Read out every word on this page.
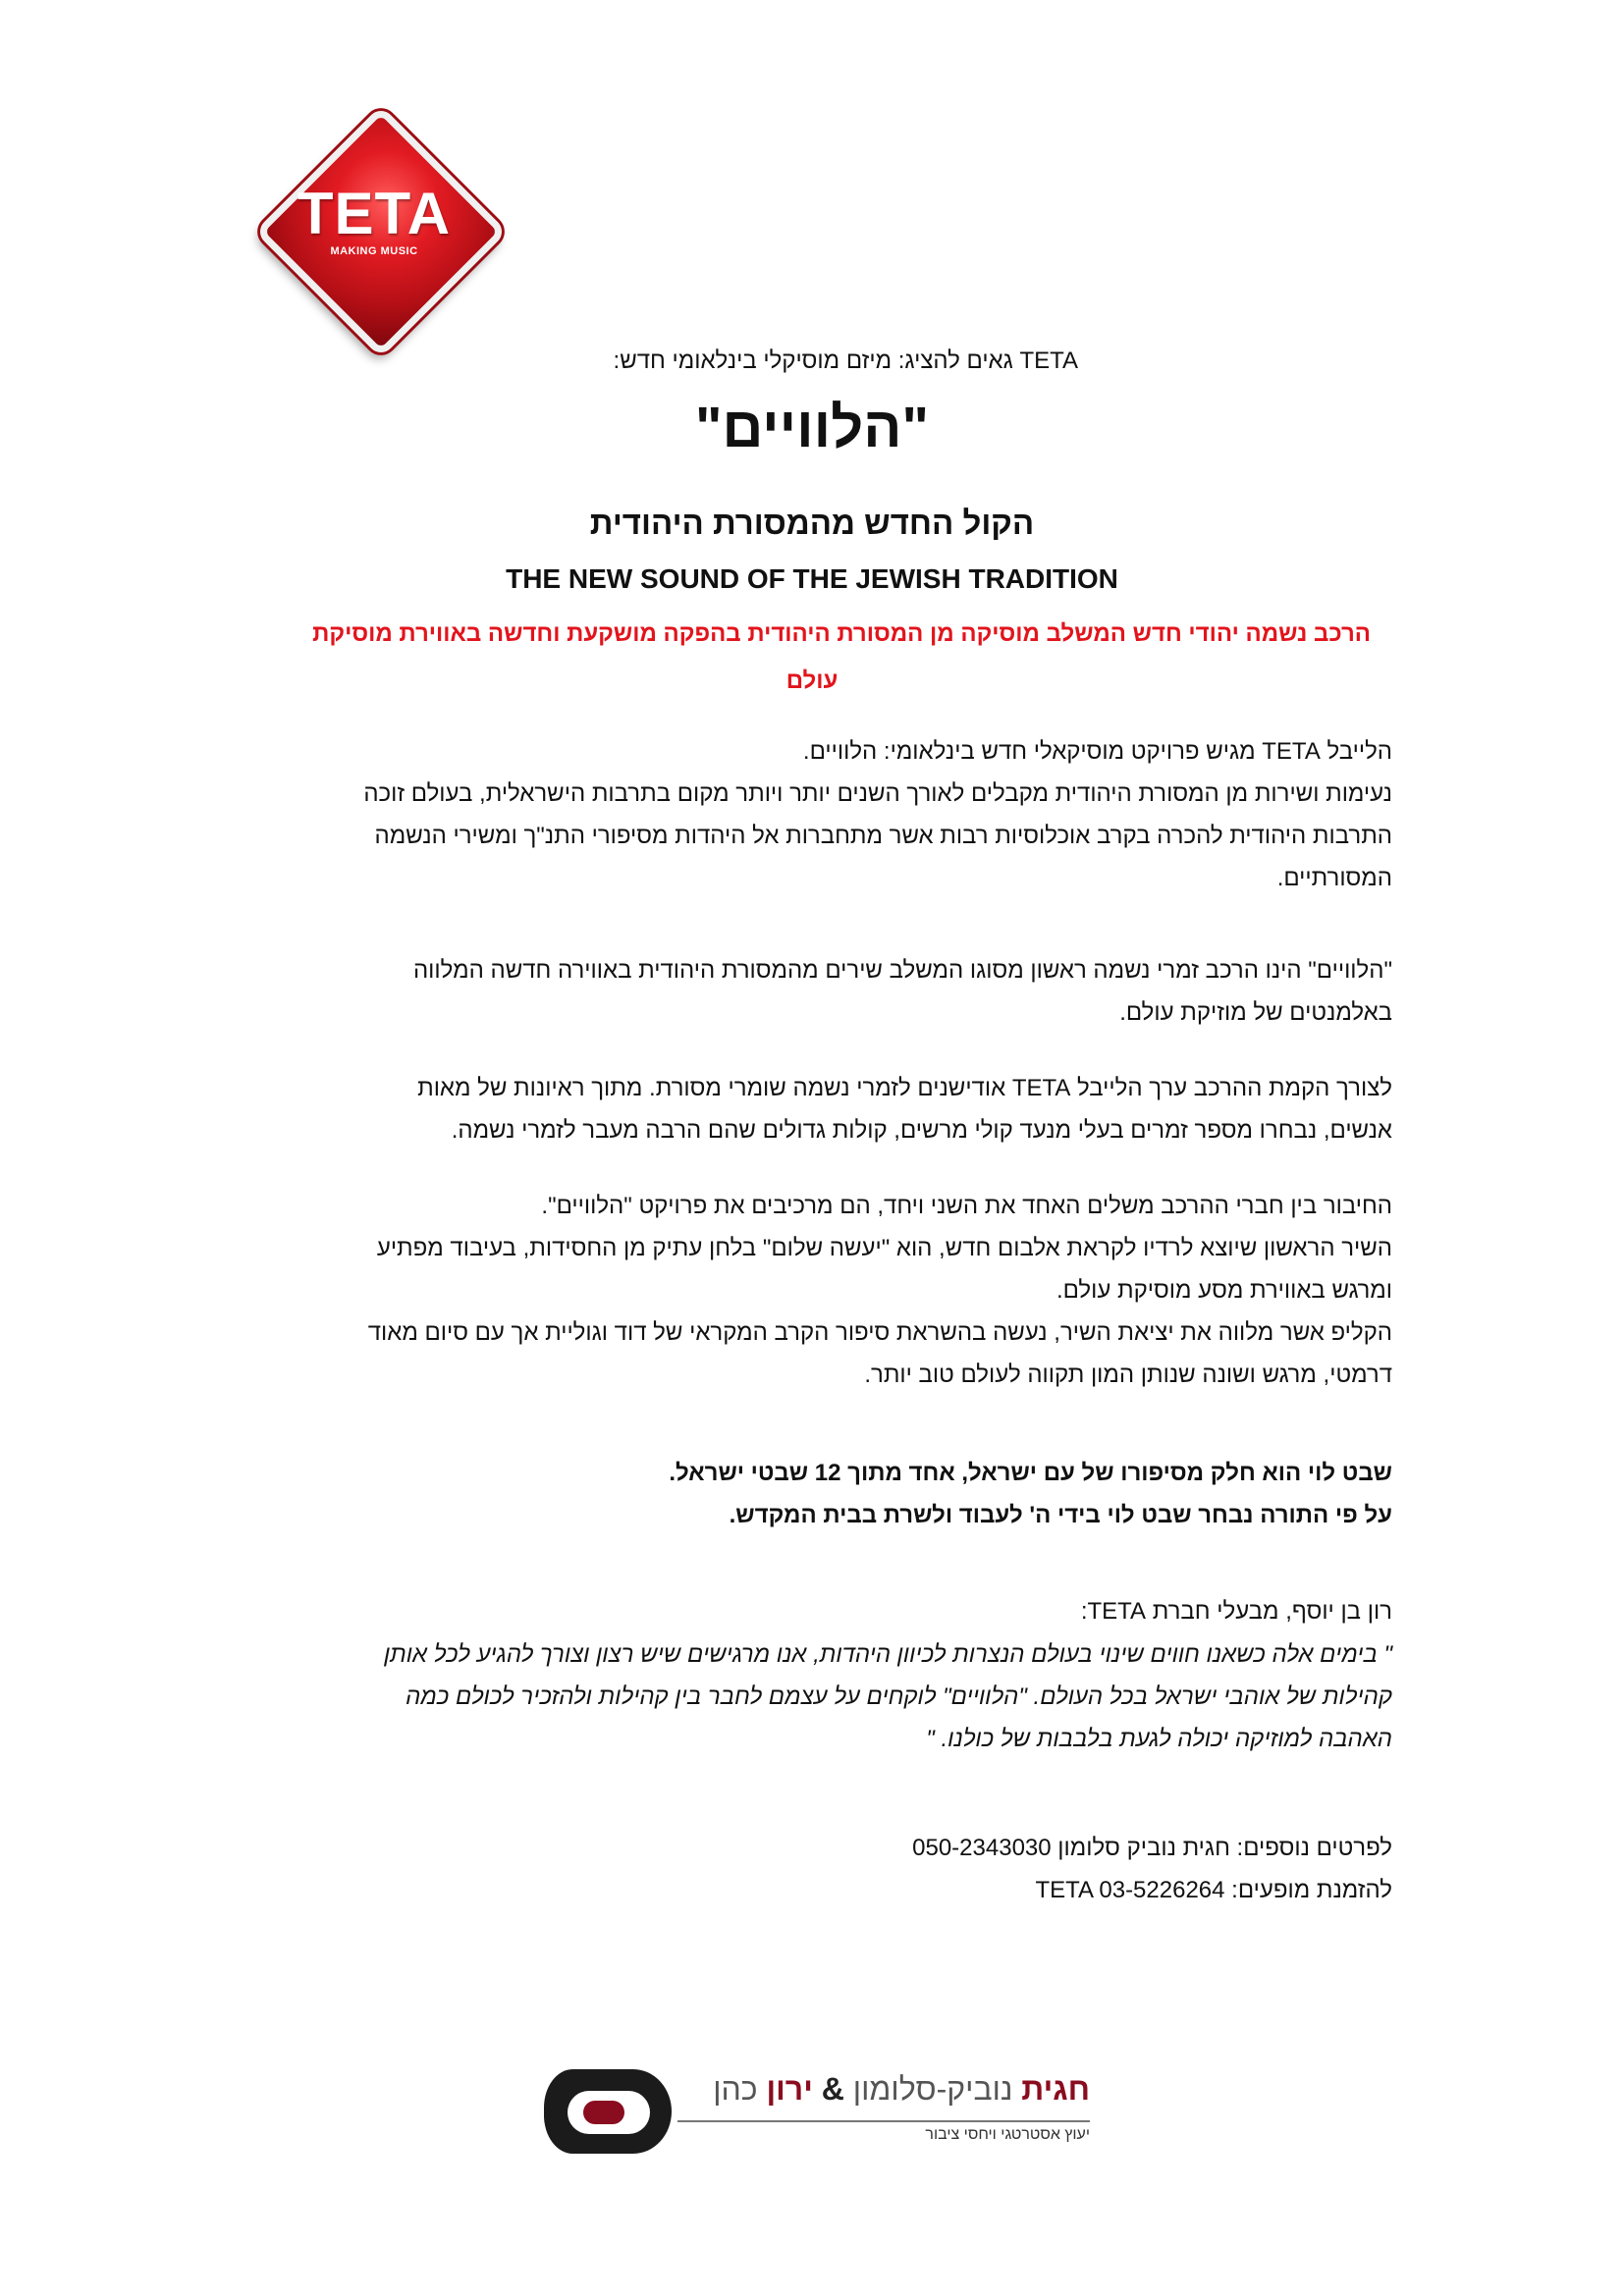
TETA
MAKING MUSIC
TETA גאים להציג: מיזם מוסיקלי בינלאומי חדש:
"הלוויים"
הקול החדש מהמסורת היהודית
THE NEW SOUND OF THE JEWISH TRADITION
הרכב נשמה יהודי חדש המשלב מוסיקה מן המסורת היהודית בהפקה מושקעת וחדשה באווירת מוסיקת
עולם

הלייבל TETA מגיש פרויקט מוסיקאלי חדש בינלאומי: הלוויים.

נעימות ושירות מן המסורת היהודית מקבלים לאורך השנים יותר ויותר מקום בתרבות הישראלית, בעולם זוכה

התרבות היהודית להכרה בקרב אוכלוסיות רבות אשר מתחברות אל היהדות מסיפורי התנ"ך ומשירי הנשמה

המסורתיים.

"הלוויים" הינו הרכב זמרי נשמה ראשון מסוגו המשלב שירים מהמסורת היהודית באווירה חדשה המלווה

באלמנטים של מוזיקת עולם.

לצורך הקמת ההרכב ערך הלייבל TETA אודישנים לזמרי נשמה שומרי מסורת. מתוך ראיונות של מאות

אנשים, נבחרו מספר זמרים בעלי מנעד קולי מרשים, קולות גדולים שהם הרבה מעבר לזמרי נשמה.

החיבור בין חברי ההרכב משלים האחד את השני ויחד, הם מרכיבים את פרויקט "הלוויים".

השיר הראשון שיוצא לרדיו לקראת אלבום חדש, הוא "יעשה שלום" בלחן עתיק מן החסידות, בעיבוד מפתיע

ומרגש באווירת מסע מוסיקת עולם.

הקליפ אשר מלווה את יציאת השיר, נעשה בהשראת סיפור הקרב המקראי של דוד וגוליית אך עם סיום מאוד

דרמטי, מרגש ושונה שנותן המון תקווה לעולם טוב יותר.

שבט לוי הוא חלק מסיפורו של עם ישראל, אחד מתוך 12 שבטי ישראל.

על פי התורה נבחר שבט לוי בידי ה' לעבוד ולשרת בבית המקדש.

רון בן יוסף, מבעלי חברת TETA:

" בימים אלה כשאנו חווים שינוי בעולם הנצרות לכיוון היהדות, אנו מרגישים שיש רצון וצורך להגיע לכל אותן

קהילות של אוהבי ישראל בכל העולם. "הלוויים" לוקחים על עצמם לחבר בין קהילות ולהזכיר לכולם כמה

האהבה למוזיקה יכולה לגעת בלבבות של כולנו. "

לפרטים נוספים: חגית נוביק סלומון 050-2343030

להזמנת מופעים: TETA 03-5226264

חגית נוביק-סלומון & ירון כהן
יעוץ אסטרטגי ויחסי ציבור
